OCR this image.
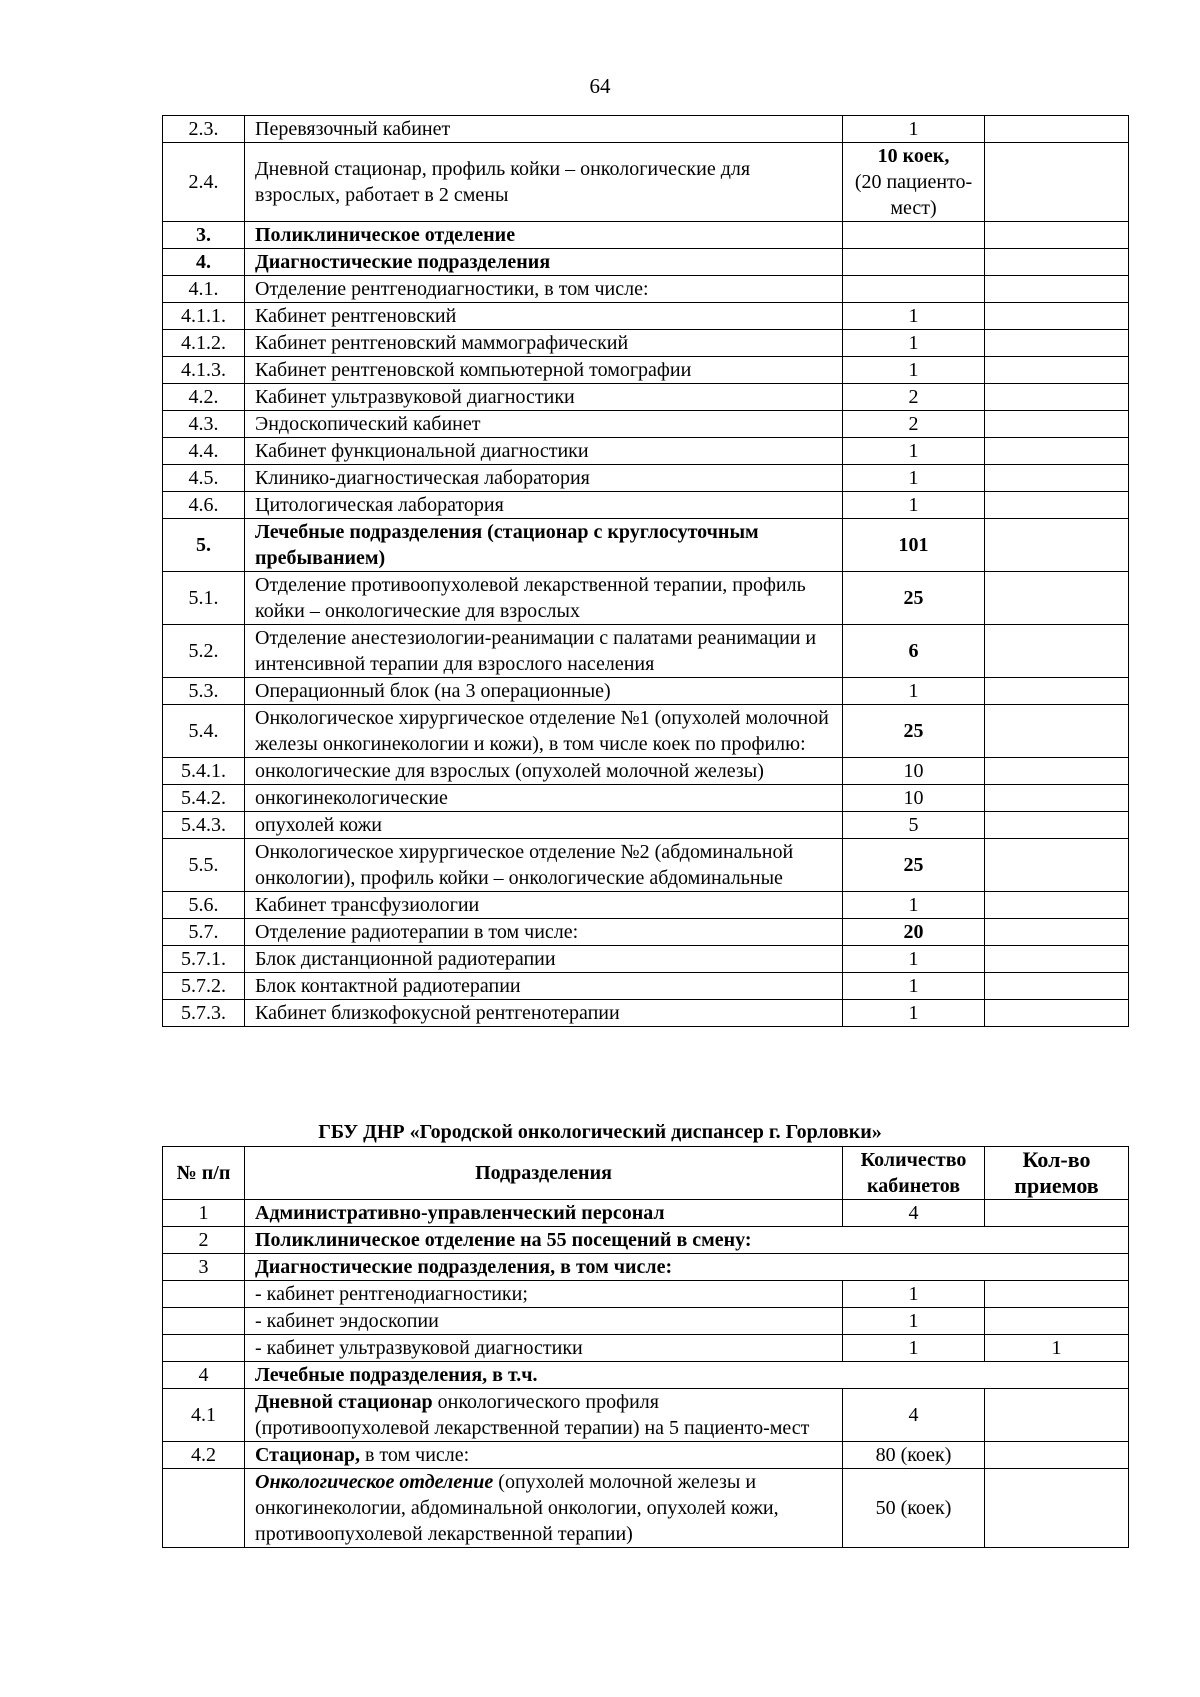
64
2.3.	Перевязочный кабинет	1	
2.4.	Дневной стационар, профиль койки – онкологические для взрослых, работает в 2 смены	10 коек,
(20 пациенто-мест)	

3.	Поликлиническое отделение		
4.	Диагностические подразделения		
4.1.	Отделение рентгенодиагностики, в том числе:		
4.1.1.	Кабинет рентгеновский	1	
4.1.2.	Кабинет рентгеновский маммографический	1	
4.1.3.	Кабинет рентгеновской компьютерной томографии	1	
4.2.	Кабинет ультразвуковой диагностики	2	
4.3.	Эндоскопический кабинет	2	
4.4.	Кабинет функциональной диагностики	1	
4.5.	Клинико-диагностическая лаборатория	1	
4.6.	Цитологическая лаборатория	1	
5.	Лечебные подразделения (стационар с круглосуточным пребыванием)	101	
5.1.	Отделение противоопухолевой лекарственной терапии, профиль койки – онкологические для взрослых	25	
5.2.	Отделение анестезиологии-реанимации с палатами реанимации и интенсивной терапии для взрослого населения	6	
5.3.	Операционный блок (на 3 операционные)	1	
5.4.	Онкологическое хирургическое отделение №1 (опухолей молочной железы онкогинекологии и кожи), в том числе коек по профилю:	25	
5.4.1.	онкологические для взрослых (опухолей молочной железы)	10	
5.4.2.	онкогинекологические	10	
5.4.3.	опухолей кожи	5	
5.5.	Онкологическое хирургическое отделение №2 (абдоминальной онкологии), профиль койки – онкологические абдоминальные	25	
5.6.	Кабинет трансфузиологии	1	
5.7.	Отделение радиотерапии в том числе:	20	
5.7.1.	Блок дистанционной радиотерапии	1	
5.7.2.	Блок контактной радиотерапии	1	
5.7.3.	Кабинет близкофокусной рентгенотерапии	1	
ГБУ ДНР «Городской онкологический диспансер г. Горловки»
№ п/п	Подразделения	Количество кабинетов	Кол-во приемов
1	Административно-управленческий персонал	4	
2	Поликлиническое отделение на 55 посещений в смену:		
3	Диагностические подразделения, в том числе:		
	- кабинет рентгенодиагностики;	1	
	- кабинет эндоскопии	1	
	- кабинет ультразвуковой диагностики	1	1
4	Лечебные подразделения, в т.ч.		
4.1	Дневной стационар онкологического профиля (противоопухолевой лекарственной терапии) на 5 пациенто-мест	4	
4.2	Стационар, в том числе:	80 (коек)	
	Онкологическое отделение (опухолей молочной железы и онкогинекологии, абдоминальной онкологии, опухолей кожи, противоопухолевой лекарственной терапии)	50 (коек)	
